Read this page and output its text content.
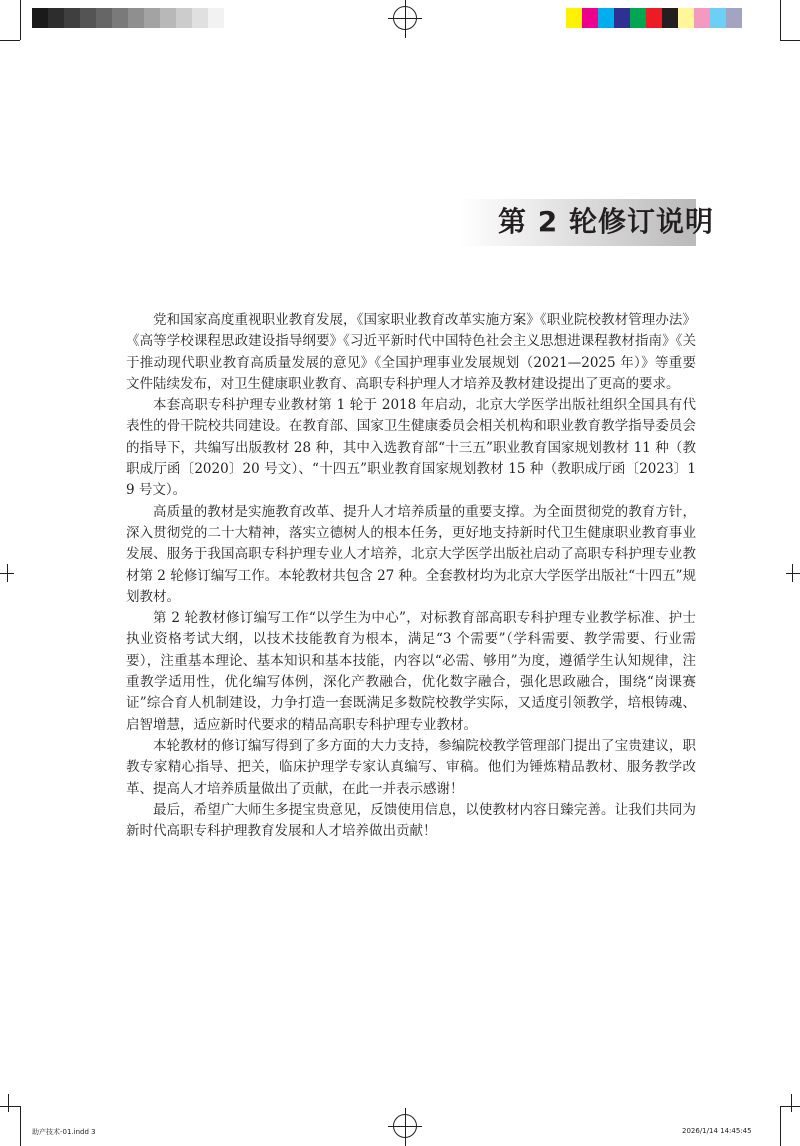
第 2 轮修订说明

党和国家高度重视职业教育发展，《国家职业教育改革实施方案》《职业院校教材管理办法》《高等学校课程思政建设指导纲要》《习近平新时代中国特色社会主义思想进课程教材指南》《关于推动现代职业教育高质量发展的意见》《全国护理事业发展规划（2021—2025 年）》等重要文件陆续发布，对卫生健康职业教育、高职专科护理人才培养及教材建设提出了更高的要求。

本套高职专科护理专业教材第 1 轮于 2018 年启动，北京大学医学出版社组织全国具有代表性的骨干院校共同建设。在教育部、国家卫生健康委员会相关机构和职业教育教学指导委员会的指导下，共编写出版教材 28 种，其中入选教育部“十三五”职业教育国家规划教材 11 种（教职成厅函〔2020〕20 号文）、“十四五”职业教育国家规划教材 15 种（教职成厅函〔2023〕19 号文）。

高质量的教材是实施教育改革、提升人才培养质量的重要支撑。为全面贯彻党的教育方针，深入贯彻党的二十大精神，落实立德树人的根本任务，更好地支持新时代卫生健康职业教育事业发展、服务于我国高职专科护理专业人才培养，北京大学医学出版社启动了高职专科护理专业教材第 2 轮修订编写工作。本轮教材共包含 27 种。全套教材均为北京大学医学出版社“十四五”规划教材。

第 2 轮教材修订编写工作“以学生为中心”，对标教育部高职专科护理专业教学标准、护士执业资格考试大纲，以技术技能教育为根本，满足“3 个需要”（学科需要、教学需要、行业需要），注重基本理论、基本知识和基本技能，内容以“必需、够用”为度，遵循学生认知规律，注重教学适用性，优化编写体例，深化产教融合，优化数字融合，强化思政融合，围绕“岗课赛证”综合育人机制建设，力争打造一套既满足多数院校教学实际，又适度引领教学，培根铸魂、启智增慧，适应新时代要求的精品高职专科护理专业教材。

本轮教材的修订编写得到了多方面的大力支持，参编院校教学管理部门提出了宝贵建议，职教专家精心指导、把关，临床护理学专家认真编写、审稿。他们为锤炼精品教材、服务教学改革、提高人才培养质量做出了贡献，在此一并表示感谢！

最后，希望广大师生多提宝贵意见，反馈使用信息，以使教材内容日臻完善。让我们共同为新时代高职专科护理教育发展和人才培养做出贡献！

助产技术-01.indd 3	2026/1/14 14:45:45
